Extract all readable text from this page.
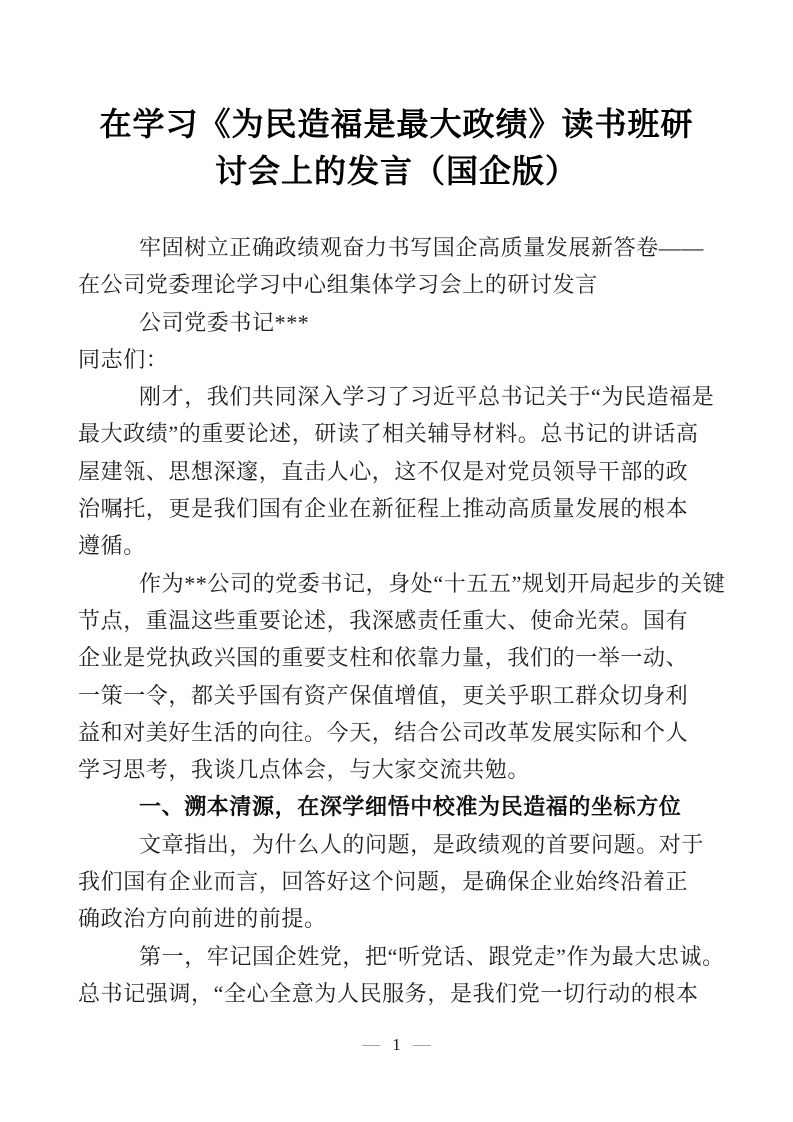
在学习《为民造福是最大政绩》读书班研
讨会上的发言（国企版）
牢固树立正确政绩观奋力书写国企高质量发展新答卷——
在公司党委理论学习中心组集体学习会上的研讨发言
公司党委书记***
同志们：
刚才，我们共同深入学习了习近平总书记关于“为民造福是
最大政绩”的重要论述，研读了相关辅导材料。总书记的讲话高
屋建瓴、思想深邃，直击人心，这不仅是对党员领导干部的政
治嘱托，更是我们国有企业在新征程上推动高质量发展的根本
遵循。
作为**公司的党委书记，身处“十五五”规划开局起步的关键
节点，重温这些重要论述，我深感责任重大、使命光荣。国有
企业是党执政兴国的重要支柱和依靠力量，我们的一举一动、
一策一令，都关乎国有资产保值增值，更关乎职工群众切身利
益和对美好生活的向往。今天，结合公司改革发展实际和个人
学习思考，我谈几点体会，与大家交流共勉。
一、溯本清源，在深学细悟中校准为民造福的坐标方位
文章指出，为什么人的问题，是政绩观的首要问题。对于
我们国有企业而言，回答好这个问题，是确保企业始终沿着正
确政治方向前进的前提。
第一，牢记国企姓党，把“听党话、跟党走”作为最大忠诚。
总书记强调，“全心全意为人民服务，是我们党一切行动的根本
— 1 —
